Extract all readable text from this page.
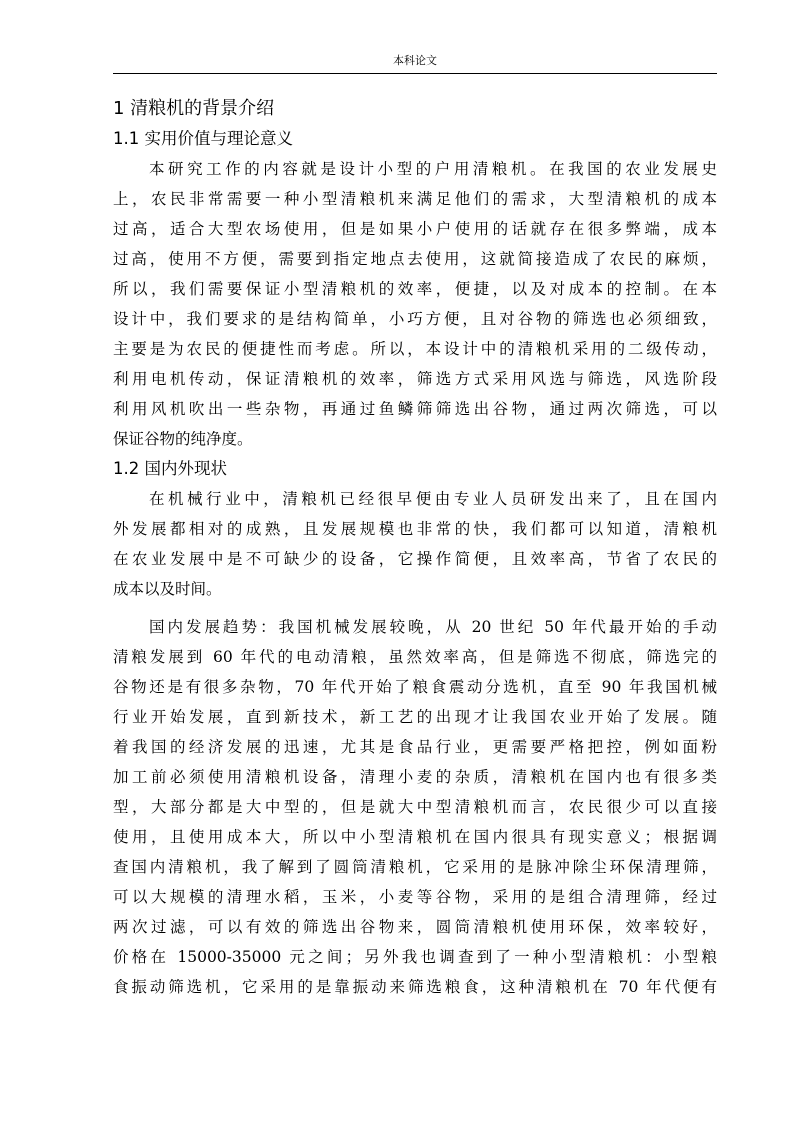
本科论文
1 清粮机的背景介绍
1.1 实用价值与理论意义
本研究工作的内容就是设计小型的户用清粮机。在我国的农业发展史
上，农民非常需要一种小型清粮机来满足他们的需求，大型清粮机的成本
过高，适合大型农场使用，但是如果小户使用的话就存在很多弊端，成本
过高，使用不方便，需要到指定地点去使用，这就简接造成了农民的麻烦，
所以，我们需要保证小型清粮机的效率，便捷，以及对成本的控制。在本
设计中，我们要求的是结构简单，小巧方便，且对谷物的筛选也必须细致，
主要是为农民的便捷性而考虑。所以，本设计中的清粮机采用的二级传动，
利用电机传动，保证清粮机的效率，筛选方式采用风选与筛选，风选阶段
利用风机吹出一些杂物，再通过鱼鳞筛筛选出谷物，通过两次筛选，可以
保证谷物的纯净度。
1.2 国内外现状
在机械行业中，清粮机已经很早便由专业人员研发出来了，且在国内
外发展都相对的成熟，且发展规模也非常的快，我们都可以知道，清粮机
在农业发展中是不可缺少的设备，它操作简便，且效率高，节省了农民的
成本以及时间。
国内发展趋势：我国机械发展较晚，从 20 世纪 50 年代最开始的手动
清粮发展到 60 年代的电动清粮，虽然效率高，但是筛选不彻底，筛选完的
谷物还是有很多杂物，70 年代开始了粮食震动分选机，直至 90 年我国机械
行业开始发展，直到新技术，新工艺的出现才让我国农业开始了发展。随
着我国的经济发展的迅速，尤其是食品行业，更需要严格把控，例如面粉
加工前必须使用清粮机设备，清理小麦的杂质，清粮机在国内也有很多类
型，大部分都是大中型的，但是就大中型清粮机而言，农民很少可以直接
使用，且使用成本大，所以中小型清粮机在国内很具有现实意义；根据调
查国内清粮机，我了解到了圆筒清粮机，它采用的是脉冲除尘环保清理筛，
可以大规模的清理水稻，玉米，小麦等谷物，采用的是组合清理筛，经过
两次过滤，可以有效的筛选出谷物来，圆筒清粮机使用环保，效率较好，
价格在 15000-35000 元之间；另外我也调查到了一种小型清粮机：小型粮
食振动筛选机，它采用的是靠振动来筛选粮食，这种清粮机在 70 年代便有
